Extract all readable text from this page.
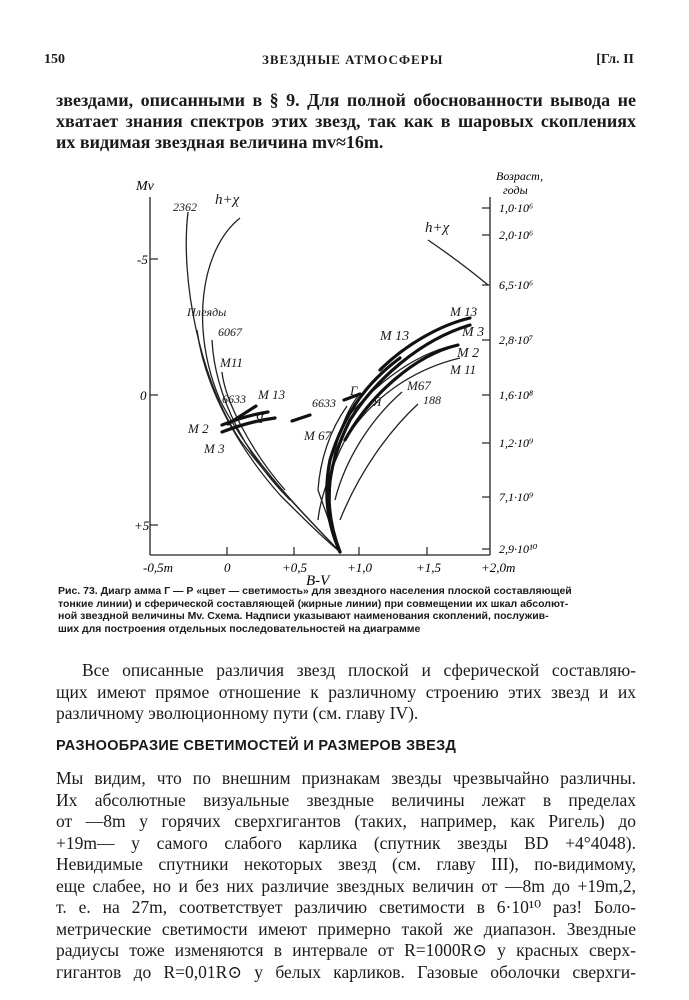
150	ЗВЕЗДНЫЕ АТМОСФЕРЫ	[Гл. II
звездами, описанными в § 9. Для полной обоснованности вывода не
хватает знания спектров этих звезд, так как в шаровых скоплениях
их видимая звездная величина mv≈16m.
Mv
Возраст,
годы
B-V
-5
0
+5
-0,5m	0	+0,5	+1,0	+1,5	+2,0m
1,0·10⁶
2,0·10⁶
6,5·10⁶
2,8·10⁷
1,6·10⁸
1,2·10⁹
7,1·10⁹
2,9·10¹⁰
2362 h+χ
h+χ
Плеяды
6067
M11
6633 M 13
Я
M 2
M 3
6633
M 67
Г
Я
M67
188
M 13
M 13
M 3
M 2
M 11
Рис. 73. Диагр амма Г — Р «цвет — светимость» для звездного населения плоской составляющей
тонкие линии) и сферической составляющей (жирные линии) при совмещении их шкал абсолют-
ной звездной величины Mv. Схема. Надписи указывают наименования скоплений, послужив-
ших для построения отдельных последовательностей на диаграмме
Все описанные различия звезд плоской и сферической составляю-
щих имеют прямое отношение к различному строению этих звезд и их
различному эволюционному пути (см. главу IV).
РАЗНООБРАЗИЕ СВЕТИМОСТЕЙ И РАЗМЕРОВ ЗВЕЗД
Мы видим, что по внешним признакам звезды чрезвычайно различны.
Их абсолютные визуальные звездные величины лежат в пределах
от —8m у горячих сверхгигантов (таких, например, как Ригель) до
+19m— у самого слабого карлика (спутник звезды BD +4°4048).
Невидимые спутники некоторых звезд (см. главу III), по-видимому,
еще слабее, но и без них различие звездных величин от —8m до +19m,2,
т. е. на 27m, соответствует различию светимости в 6·10¹⁰ раз! Боло-
метрические светимости имеют примерно такой же диапазон. Звездные
радиусы тоже изменяются в интервале от R=1000R⊙ у красных сверх-
гигантов до R=0,01R⊙ у белых карликов. Газовые оболочки сверхги-
